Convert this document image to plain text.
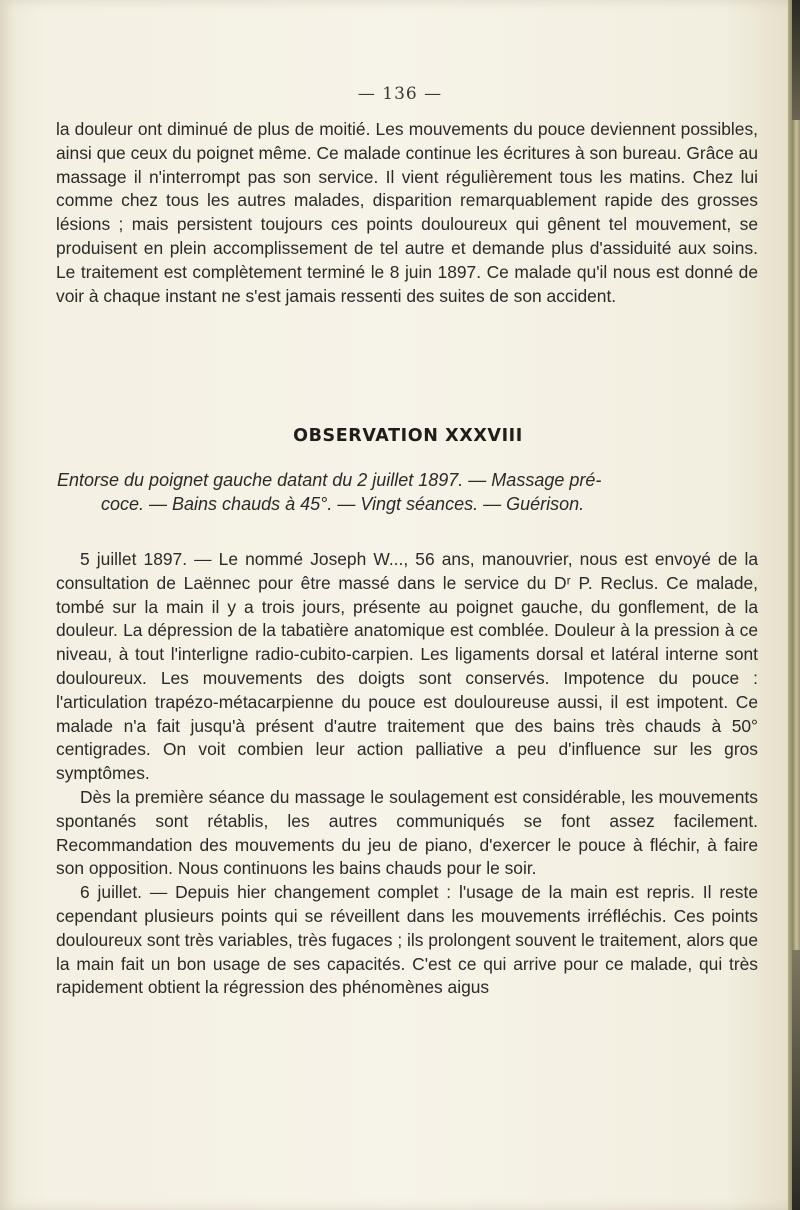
— 136 —

la douleur ont diminué de plus de moitié. Les mouvements du pouce deviennent possibles, ainsi que ceux du poignet même. Ce malade continue les écritures à son bureau. Grâce au massage il n'interrompt pas son service. Il vient régulièrement tous les matins. Chez lui comme chez tous les autres malades, disparition remarquablement rapide des grosses lésions ; mais persistent toujours ces points douloureux qui gênent tel mouvement, se produisent en plein accomplissement de tel autre et demande plus d'assiduité aux soins. Le traitement est complètement terminé le 8 juin 1897. Ce malade qu'il nous est donné de voir à chaque instant ne s'est jamais ressenti des suites de son accident.

OBSERVATION XXXVIII
Entorse du poignet gauche datant du 2 juillet 1897. — Massage pré-
coce. — Bains chauds à 45°. — Vingt séances. — Guérison.

5 juillet 1897. — Le nommé Joseph W..., 56 ans, manouvrier, nous est envoyé de la consultation de Laënnec pour être massé dans le service du Dʳ P. Reclus. Ce malade, tombé sur la main il y a trois jours, présente au poignet gauche, du gonflement, de la douleur. La dépression de la tabatière anatomique est comblée. Douleur à la pression à ce niveau, à tout l'interligne radio-cubito-carpien. Les ligaments dorsal et latéral interne sont douloureux. Les mouvements des doigts sont conservés. Impotence du pouce : l'articulation trapézo-métacarpienne du pouce est douloureuse aussi, il est impotent. Ce malade n'a fait jusqu'à présent d'autre traitement que des bains très chauds à 50° centigrades. On voit combien leur action palliative a peu d'influence sur les gros symptômes.

Dès la première séance du massage le soulagement est considérable, les mouvements spontanés sont rétablis, les autres communiqués se font assez facilement. Recommandation des mouvements du jeu de piano, d'exercer le pouce à fléchir, à faire son opposition. Nous continuons les bains chauds pour le soir.

6 juillet. — Depuis hier changement complet : l'usage de la main est repris. Il reste cependant plusieurs points qui se réveillent dans les mouvements irréfléchis. Ces points douloureux sont très variables, très fugaces ; ils prolongent souvent le traitement, alors que la main fait un bon usage de ses capacités. C'est ce qui arrive pour ce malade, qui très rapidement obtient la régression des phénomènes aigus
